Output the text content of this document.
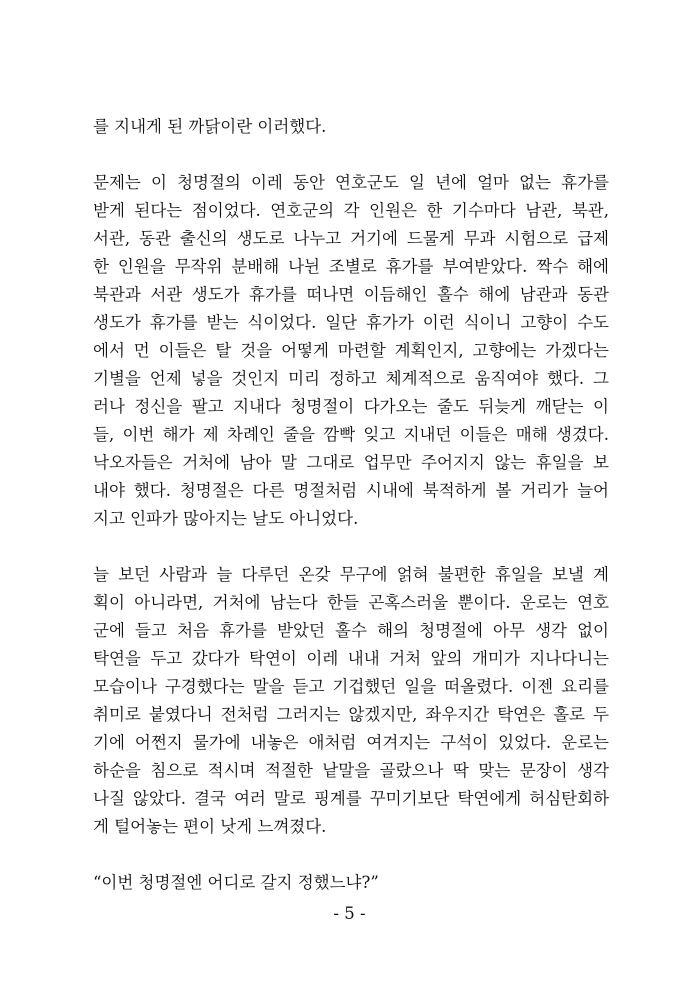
를 지내게 된 까닭이란 이러했다.
문제는 이 청명절의 이레 동안 연호군도 일 년에 얼마 없는 휴가를
받게 된다는 점이었다. 연호군의 각 인원은 한 기수마다 남관, 북관,
서관, 동관 출신의 생도로 나누고 거기에 드물게 무과 시험으로 급제
한 인원을 무작위 분배해 나뉜 조별로 휴가를 부여받았다. 짝수 해에
북관과 서관 생도가 휴가를 떠나면 이듬해인 홀수 해에 남관과 동관
생도가 휴가를 받는 식이었다. 일단 휴가가 이런 식이니 고향이 수도
에서 먼 이들은 탈 것을 어떻게 마련할 계획인지, 고향에는 가겠다는
기별을 언제 넣을 것인지 미리 정하고 체계적으로 움직여야 했다. 그
러나 정신을 팔고 지내다 청명절이 다가오는 줄도 뒤늦게 깨닫는 이
들, 이번 해가 제 차례인 줄을 깜빡 잊고 지내던 이들은 매해 생겼다.
낙오자들은 거처에 남아 말 그대로 업무만 주어지지 않는 휴일을 보
내야 했다. 청명절은 다른 명절처럼 시내에 북적하게 볼 거리가 늘어
지고 인파가 많아지는 날도 아니었다.
늘 보던 사람과 늘 다루던 온갖 무구에 얽혀 불편한 휴일을 보낼 계
획이 아니라면, 거처에 남는다 한들 곤혹스러울 뿐이다. 운로는 연호
군에 들고 처음 휴가를 받았던 홀수 해의 청명절에 아무 생각 없이
탁연을 두고 갔다가 탁연이 이레 내내 거처 앞의 개미가 지나다니는
모습이나 구경했다는 말을 듣고 기겁했던 일을 떠올렸다. 이젠 요리를
취미로 붙였다니 전처럼 그러지는 않겠지만, 좌우지간 탁연은 홀로 두
기에 어쩐지 물가에 내놓은 애처럼 여겨지는 구석이 있었다. 운로는
하순을 침으로 적시며 적절한 낱말을 골랐으나 딱 맞는 문장이 생각
나질 않았다. 결국 여러 말로 핑계를 꾸미기보단 탁연에게 허심탄회하
게 털어놓는 편이 낫게 느껴졌다.
“이번 청명절엔 어디로 갈지 정했느냐?”
- 5 -
